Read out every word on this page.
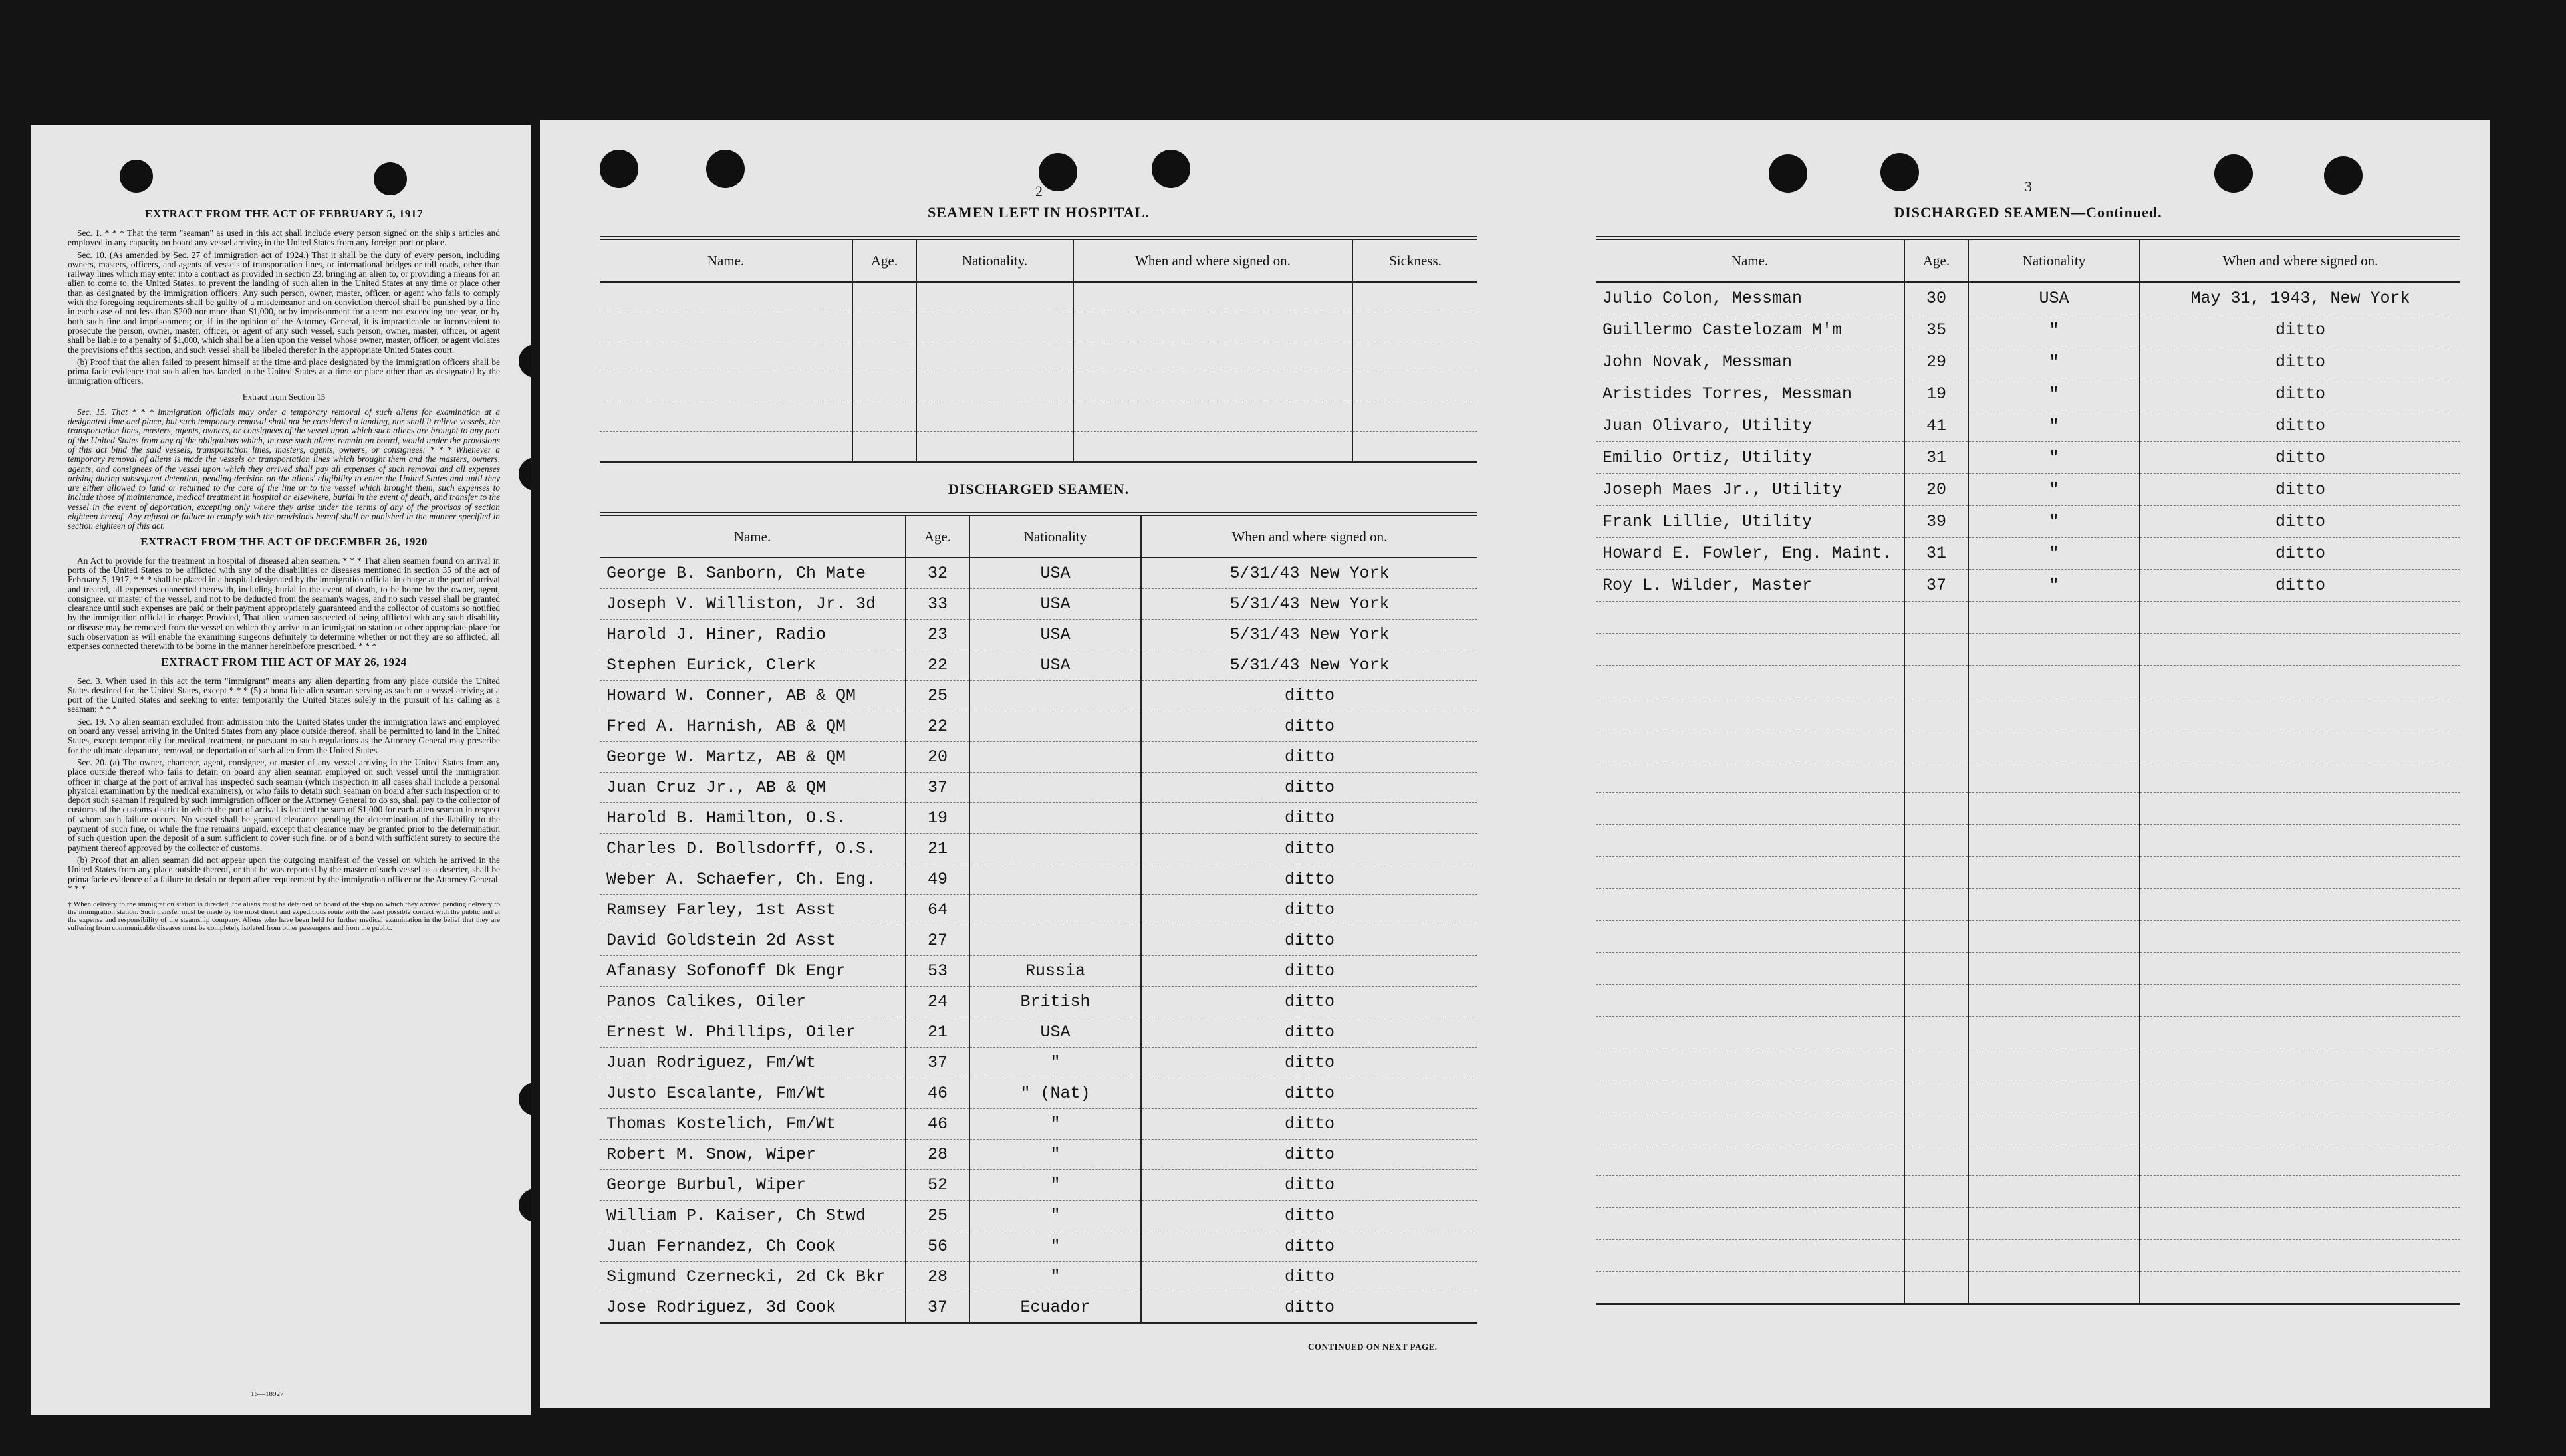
EXTRACT FROM THE ACT OF FEBRUARY 5, 1917

Sec. 1. * * * That the term "seaman" as used in this act shall include every person signed on the ship's articles and employed in any capacity on board any vessel arriving in the United States from any foreign port or place.

Sec. 10. (As amended by Sec. 27 of immigration act of 1924.) That it shall be the duty of every person, including owners, masters, officers, and agents of vessels of transportation lines, or international bridges or toll roads, other than railway lines which may enter into a contract as provided in section 23, bringing an alien to, or providing a means for an alien to come to, the United States, to prevent the landing of such alien in the United States at any time or place other than as designated by the immigration officers. Any such person, owner, master, officer, or agent who fails to comply with the foregoing requirements shall be guilty of a misdemeanor and on conviction thereof shall be punished by a fine in each case of not less than $200 nor more than $1,000, or by imprisonment for a term not exceeding one year, or by both such fine and imprisonment; or, if in the opinion of the Attorney General, it is impracticable or inconvenient to prosecute the person, owner, master, officer, or agent of any such vessel, such person, owner, master, officer, or agent shall be liable to a penalty of $1,000, which shall be a lien upon the vessel whose owner, master, officer, or agent violates the provisions of this section, and such vessel shall be libeled therefor in the appropriate United States court.

(b) Proof that the alien failed to present himself at the time and place designated by the immigration officers shall be prima facie evidence that such alien has landed in the United States at a time or place other than as designated by the immigration officers.

Extract from Section 15

Sec. 15. That * * * immigration officials may order a temporary removal of such aliens for examination at a designated time and place, but such temporary removal shall not be considered a landing, nor shall it relieve vessels, the transportation lines, masters, agents, owners, or consignees of the vessel upon which such aliens are brought to any port of the United States from any of the obligations which, in case such aliens remain on board, would under the provisions of this act bind the said vessels, transportation lines, masters, agents, owners, or consignees: * * * Whenever a temporary removal of aliens is made the vessels or transportation lines which brought them and the masters, owners, agents, and consignees of the vessel upon which they arrived shall pay all expenses of such removal and all expenses arising during subsequent detention, pending decision on the aliens' eligibility to enter the United States and until they are either allowed to land or returned to the care of the line or to the vessel which brought them, such expenses to include those of maintenance, medical treatment in hospital or elsewhere, burial in the event of death, and transfer to the vessel in the event of deportation, excepting only where they arise under the terms of any of the provisos of section eighteen hereof. Any refusal or failure to comply with the provisions hereof shall be punished in the manner specified in section eighteen of this act.

EXTRACT FROM THE ACT OF DECEMBER 26, 1920

An Act to provide for the treatment in hospital of diseased alien seamen. * * * That alien seamen found on arrival in ports of the United States to be afflicted with any of the disabilities or diseases mentioned in section 35 of the act of February 5, 1917, * * * shall be placed in a hospital designated by the immigration official in charge at the port of arrival and treated, all expenses connected therewith, including burial in the event of death, to be borne by the owner, agent, consignee, or master of the vessel, and not to be deducted from the seaman's wages, and no such vessel shall be granted clearance until such expenses are paid or their payment appropriately guaranteed and the collector of customs so notified by the immigration official in charge: Provided, That alien seamen suspected of being afflicted with any such disability or disease may be removed from the vessel on which they arrive to an immigration station or other appropriate place for such observation as will enable the examining surgeons definitely to determine whether or not they are so afflicted, all expenses connected therewith to be borne in the manner hereinbefore prescribed. * * *

EXTRACT FROM THE ACT OF MAY 26, 1924

Sec. 3. When used in this act the term "immigrant" means any alien departing from any place outside the United States destined for the United States, except * * * (5) a bona fide alien seaman serving as such on a vessel arriving at a port of the United States and seeking to enter temporarily the United States solely in the pursuit of his calling as a seaman; * * *

Sec. 19. No alien seaman excluded from admission into the United States under the immigration laws and employed on board any vessel arriving in the United States from any place outside thereof, shall be permitted to land in the United States, except temporarily for medical treatment, or pursuant to such regulations as the Attorney General may prescribe for the ultimate departure, removal, or deportation of such alien from the United States.

Sec. 20. (a) The owner, charterer, agent, consignee, or master of any vessel arriving in the United States from any place outside thereof who fails to detain on board any alien seaman employed on such vessel until the immigration officer in charge at the port of arrival has inspected such seaman (which inspection in all cases shall include a personal physical examination by the medical examiners), or who fails to detain such seaman on board after such inspection or to deport such seaman if required by such immigration officer or the Attorney General to do so, shall pay to the collector of customs of the customs district in which the port of arrival is located the sum of $1,000 for each alien seaman in respect of whom such failure occurs. No vessel shall be granted clearance pending the determination of the liability to the payment of such fine, or while the fine remains unpaid, except that clearance may be granted prior to the determination of such question upon the deposit of a sum sufficient to cover such fine, or of a bond with sufficient surety to secure the payment thereof approved by the collector of customs.

(b) Proof that an alien seaman did not appear upon the outgoing manifest of the vessel on which he arrived in the United States from any place outside thereof, or that he was reported by the master of such vessel as a deserter, shall be prima facie evidence of a failure to detain or deport after requirement by the immigration officer or the Attorney General. * * *

† When delivery to the immigration station is directed, the aliens must be detained on board of the ship on which they arrived pending delivery to the immigration station. Such transfer must be made by the most direct and expeditious route with the least possible contact with the public and at the expense and responsibility of the steamship company. Aliens who have been held for further medical examination in the belief that they are suffering from communicable diseases must be completely isolated from other passengers and from the public.
16—18927
2
SEAMEN LEFT IN HOSPITAL.
Name.	Age.	Nationality.	When and where signed on.	Sickness.

DISCHARGED SEAMEN.
Name.	Age.	Nationality	When and where signed on.
George B. Sanborn, Ch Mate	32	USA	5/31/43 New York
Joseph V. Williston, Jr. 3d	33	USA	5/31/43 New York
Harold J. Hiner, Radio	23	USA	5/31/43 New York
Stephen Eurick, Clerk	22	USA	5/31/43 New York
Howard W. Conner, AB & QM	25		ditto
Fred A. Harnish, AB & QM	22		ditto
George W. Martz, AB & QM	20		ditto
Juan Cruz Jr., AB & QM	37		ditto
Harold B. Hamilton, O.S.	19		ditto
Charles D. Bollsdorff, O.S.	21		ditto
Weber A. Schaefer, Ch. Eng.	49		ditto
Ramsey Farley, 1st Asst	64		ditto
David Goldstein 2d Asst	27		ditto
Afanasy Sofonoff Dk Engr	53	Russia	ditto
Panos Calikes, Oiler	24	British	ditto
Ernest W. Phillips, Oiler	21	USA	ditto
Juan Rodriguez, Fm/Wt	37	"	ditto
Justo Escalante, Fm/Wt	46	" (Nat)	ditto
Thomas Kostelich, Fm/Wt	46	"	ditto
Robert M. Snow, Wiper	28	"	ditto
George Burbul, Wiper	52	"	ditto
William P. Kaiser, Ch Stwd	25	"	ditto
Juan Fernandez, Ch Cook	56	"	ditto
Sigmund Czernecki, 2d Ck Bkr	28	"	ditto
Jose Rodriguez, 3d Cook	37	Ecuador	ditto
CONTINUED ON NEXT PAGE.
3
DISCHARGED SEAMEN—Continued.
Name.	Age.	Nationality	When and where signed on.
Julio Colon, Messman	30	USA	May 31, 1943, New York
Guillermo Castelozam M'm	35	"	ditto
John Novak, Messman	29	"	ditto
Aristides Torres, Messman	19	"	ditto
Juan Olivaro, Utility	41	"	ditto
Emilio Ortiz, Utility	31	"	ditto
Joseph Maes Jr., Utility	20	"	ditto
Frank Lillie, Utility	39	"	ditto
Howard E. Fowler, Eng. Maint.	31	"	ditto
Roy L. Wilder, Master	37	"	ditto
